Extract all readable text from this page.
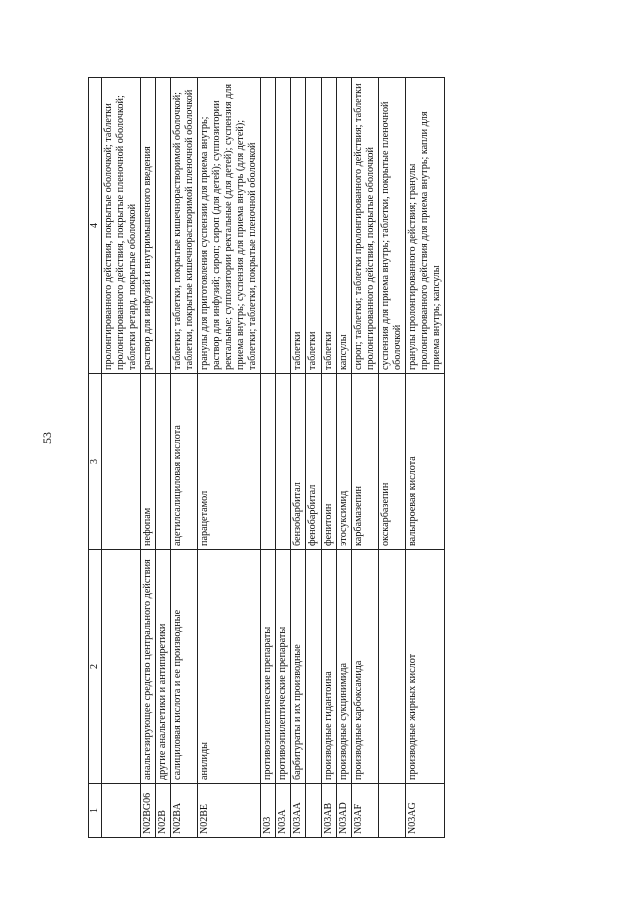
53
1	2	3	4
			пролонгированного действия, покрытые оболочкой; таблетки пролонгированного действия, покрытые пленочной оболочкой; таблетки ретард, покрытые оболочкой
N02BG06	анальгезирующее средство центрального действия	нефопам	раствор для инфузий и внутримышечного введения
N02B	другие анальгетики и антипиретики		
N02BA	салициловая кислота и ее производные	ацетилсалициловая кислота	таблетки; таблетки, покрытые кишечнорастворимой оболочкой; таблетки, покрытые кишечнорастворимой пленочной оболочкой
N02BE	анилиды	парацетамол	гранулы для приготовления суспензии для приема внутрь; раствор для инфузий; сироп; сироп (для детей); суппозитории ректальные; суппозитории ректальные (для детей); суспензия для приема внутрь; суспензия для приема внутрь (для детей); таблетки; таблетки, покрытые пленочной оболочкой
N03	противоэпилептические препараты		
N03A	противоэпилептические препараты		
N03AA	барбитураты и их производные	бензобарбитал	таблетки
		фенобарбитал	таблетки
N03AB	производные гидантоина	фенитоин	таблетки
N03AD	производные сукцинимида	этосуксимид	капсулы
N03AF	производные карбоксамида	карбамазепин	сироп; таблетки; таблетки пролонгированного действия; таблетки пролонгированного действия, покрытые оболочкой
		окскарбазепин	суспензия для приема внутрь; таблетки, покрытые пленочной оболочкой
N03AG	производные жирных кислот	вальпроевая кислота	гранулы пролонгированного действия; гранулы пролонгированного действия для приема внутрь; капли для приема внутрь; капсулы
